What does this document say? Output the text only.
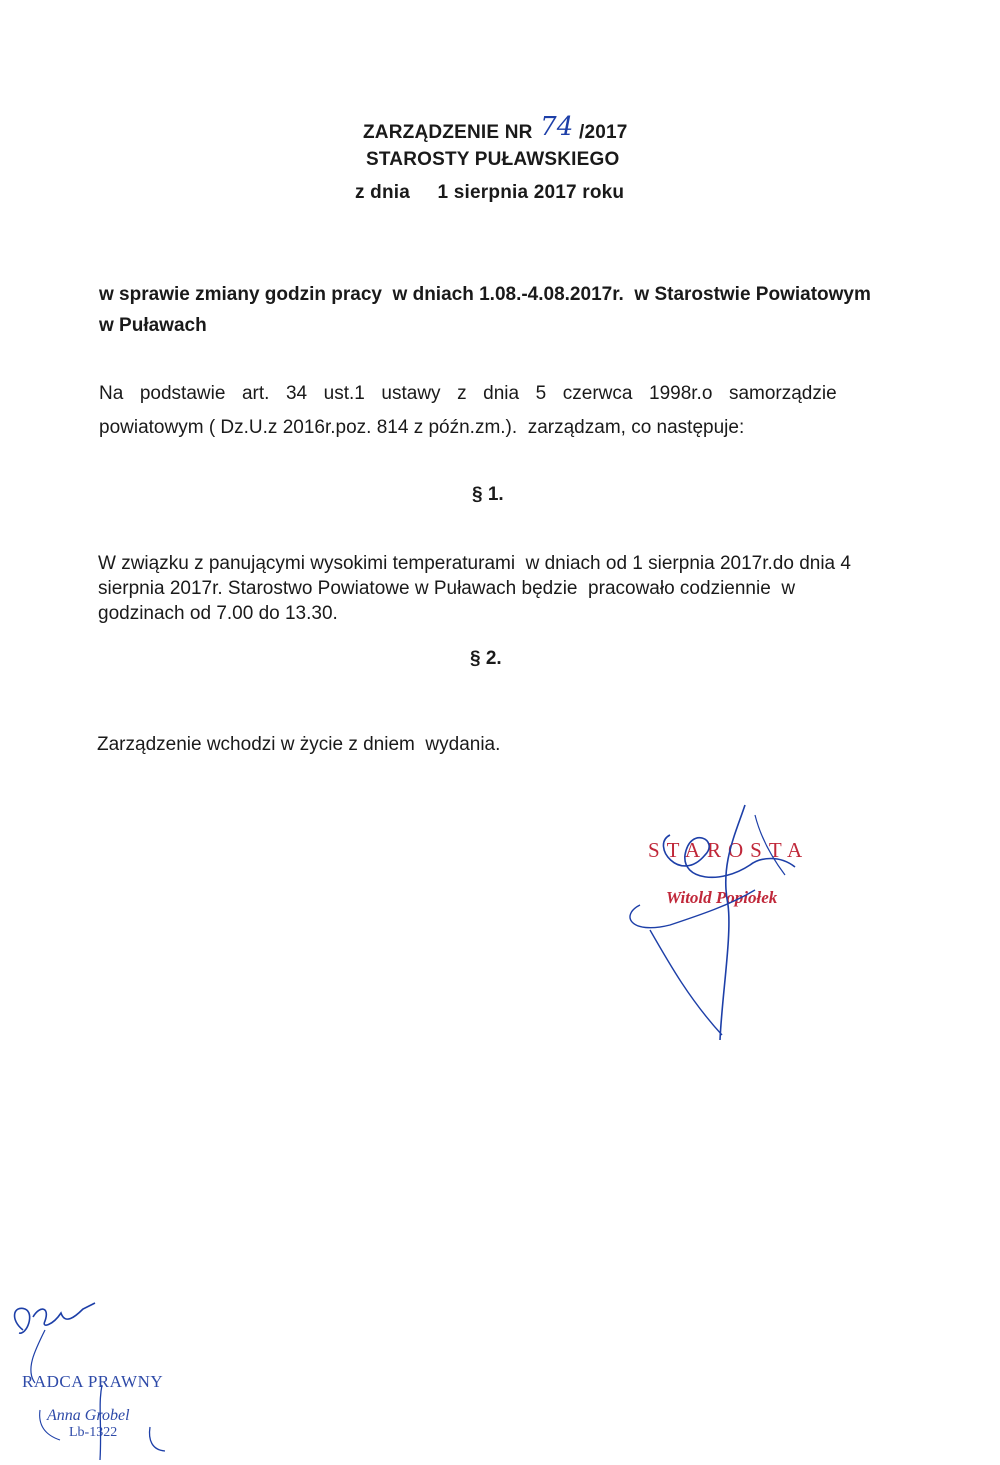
ZARZĄDZENIE NR 74 /2017
STAROSTY PUŁAWSKIEGO
z dnia 1 sierpnia 2017 roku
w sprawie zmiany godzin pracy  w dniach 1.08.-4.08.2017r.  w Starostwie Powiatowym
w Puławach
Na  podstawie  art.  34  ust.1  ustawy  z  dnia  5  czerwca  1998r.o  samorządzie
powiatowym ( Dz.U.z 2016r.poz. 814 z późn.zm.).  zarządzam, co następuje:
§ 1.
W związku z panującymi wysokimi temperaturami  w dniach od 1 sierpnia 2017r.do dnia 4
sierpnia 2017r. Starostwo Powiatowe w Puławach będzie  pracowało codziennie  w
godzinach od 7.00 do 13.30.
§ 2.
Zarządzenie wchodzi w życie z dniem  wydania.
STAROSTA
Witold Popiołek
RADCA PRAWNY
Anna Grobel
Lb-1322
